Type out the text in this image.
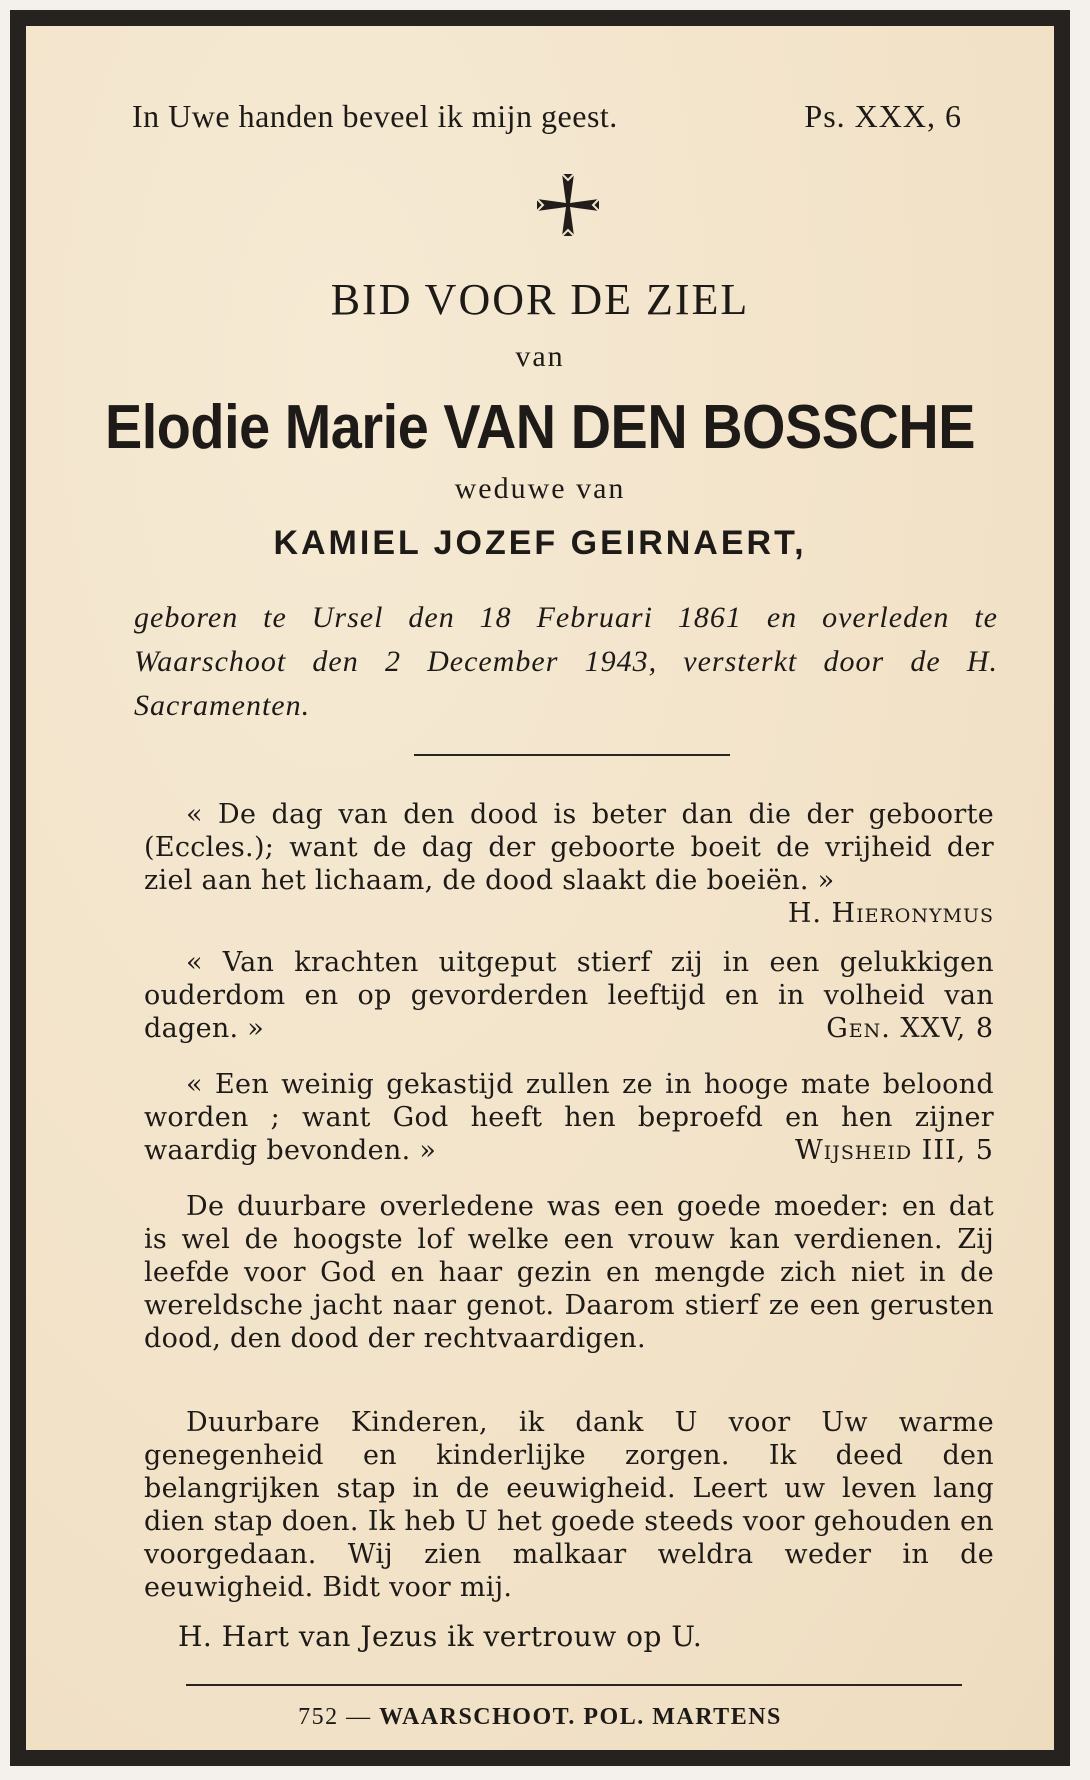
In Uwe handen beveel ik mijn geest.	Ps. XXX, 6
BID VOOR DE ZIEL
van
Elodie Marie VAN DEN BOSSCHE
weduwe van
KAMIEL JOZEF GEIRNAERT,
geboren te Ursel den 18 Februari 1861 en overleden te Waarschoot den 2 December 1943, versterkt door de H. Sacramenten.

« De dag van den dood is beter dan die der geboorte (Eccles.); want de dag der geboorte boeit de vrijheid der ziel aan het lichaam, de dood slaakt die boeiën. »
H. Hieronymus

« Van krachten uitgeput stierf zij in een gelukkigen ouderdom en op gevorderden leeftijd en in volheid van dagen. »	Gen. XXV, 8

« Een weinig gekastijd zullen ze in hooge mate beloond worden ; want God heeft hen beproefd en hen zijner waardig bevonden. »	Wijsheid III, 5

De duurbare overledene was een goede moeder: en dat is wel de hoogste lof welke een vrouw kan verdienen. Zij leefde voor God en haar gezin en mengde zich niet in de wereldsche jacht naar genot. Daarom stierf ze een gerusten dood, den dood der rechtvaardigen.

Duurbare Kinderen, ik dank U voor Uw warme genegenheid en kinderlijke zorgen. Ik deed den belangrijken stap in de eeuwigheid. Leert uw leven lang dien stap doen. Ik heb U het goede steeds voor gehouden en voorgedaan. Wij zien malkaar weldra weder in de eeuwigheid. Bidt voor mij.

H. Hart van Jezus ik vertrouw op U.
752 — WAARSCHOOT. POL. MARTENS
